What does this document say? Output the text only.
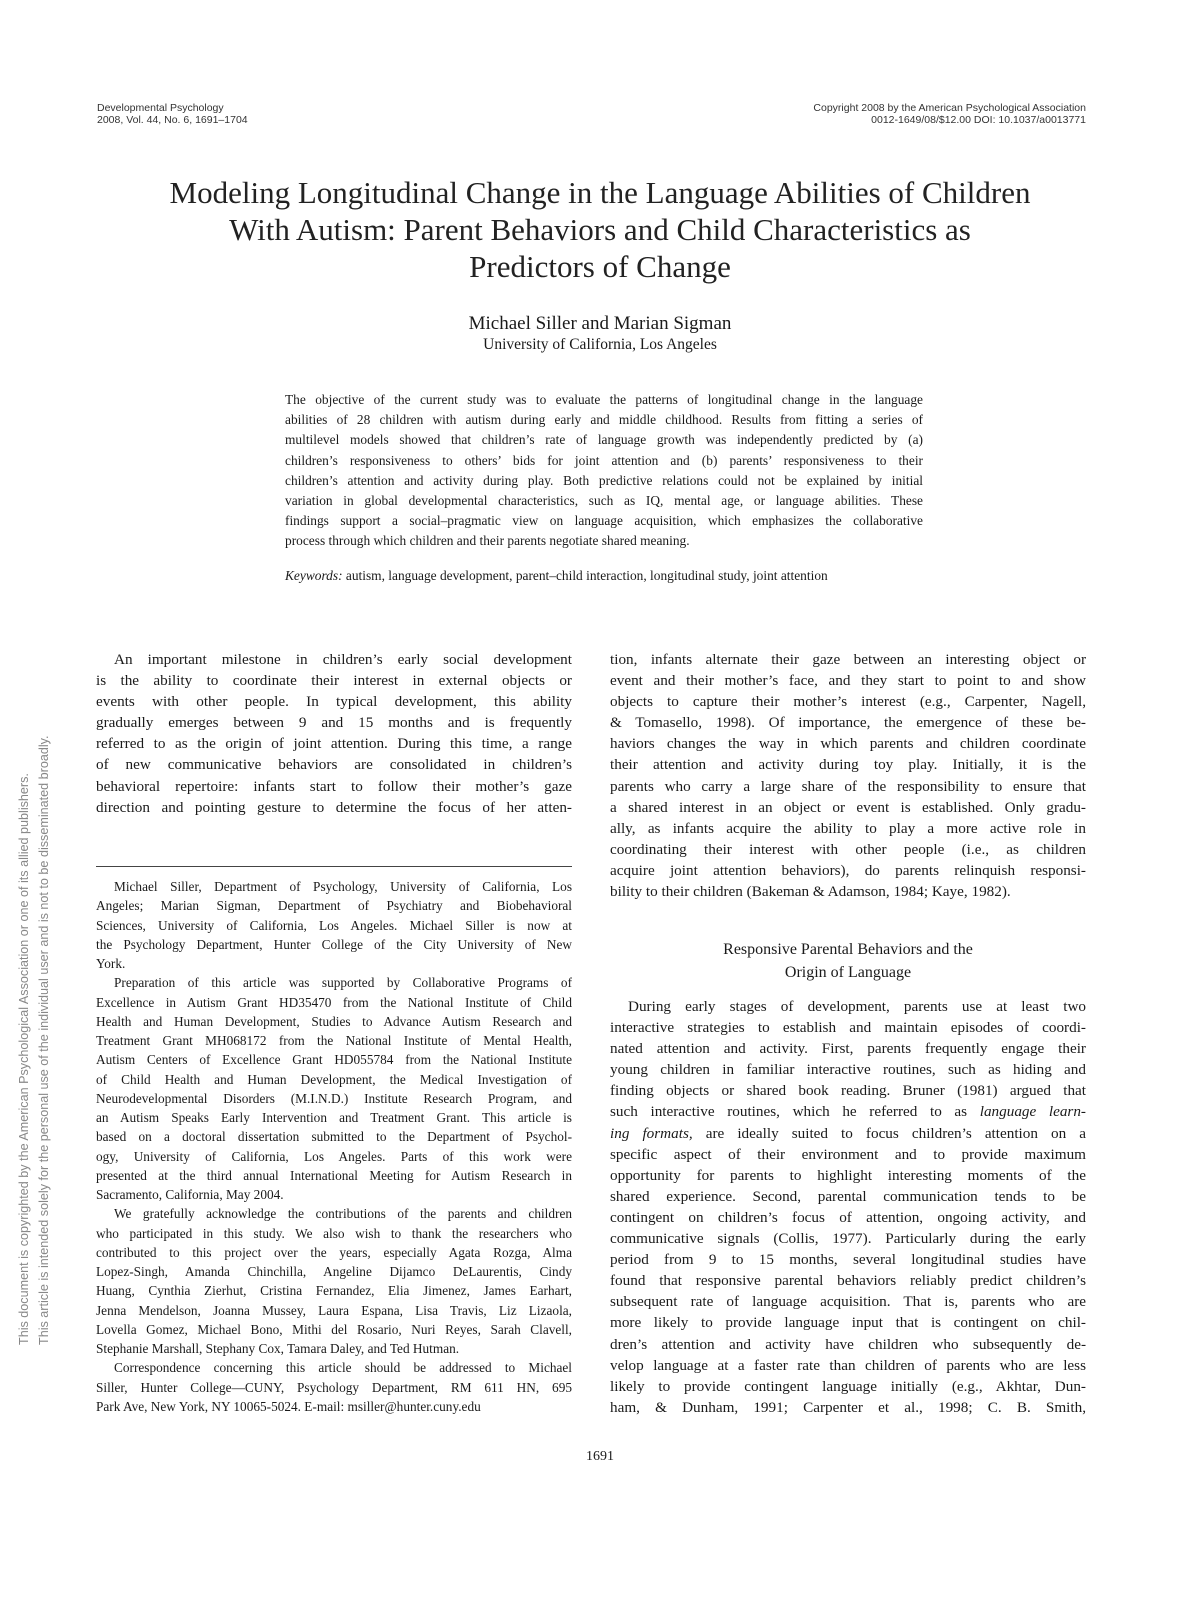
Developmental Psychology
2008, Vol. 44, No. 6, 1691–1704
Copyright 2008 by the American Psychological Association
0012-1649/08/$12.00 DOI: 10.1037/a0013771
Modeling Longitudinal Change in the Language Abilities of Children
With Autism: Parent Behaviors and Child Characteristics as
Predictors of Change
Michael Siller and Marian Sigman
University of California, Los Angeles
The objective of the current study was to evaluate the patterns of longitudinal change in the language
abilities of 28 children with autism during early and middle childhood. Results from fitting a series of
multilevel models showed that children’s rate of language growth was independently predicted by (a)
children’s responsiveness to others’ bids for joint attention and (b) parents’ responsiveness to their
children’s attention and activity during play. Both predictive relations could not be explained by initial
variation in global developmental characteristics, such as IQ, mental age, or language abilities. These
findings support a social–pragmatic view on language acquisition, which emphasizes the collaborative
process through which children and their parents negotiate shared meaning.
Keywords: autism, language development, parent–child interaction, longitudinal study, joint attention
This document is copyrighted by the American Psychological Association or one of its allied publishers. This article is intended solely for the personal use of the individual user and is not to be disseminated broadly.
An important milestone in children’s early social development
is the ability to coordinate their interest in external objects or
events with other people. In typical development, this ability
gradually emerges between 9 and 15 months and is frequently
referred to as the origin of joint attention. During this time, a range
of new communicative behaviors are consolidated in children’s
behavioral repertoire: infants start to follow their mother’s gaze
direction and pointing gesture to determine the focus of her atten-
Michael Siller, Department of Psychology, University of California, Los
Angeles; Marian Sigman, Department of Psychiatry and Biobehavioral
Sciences, University of California, Los Angeles. Michael Siller is now at
the Psychology Department, Hunter College of the City University of New
York.
Preparation of this article was supported by Collaborative Programs of
Excellence in Autism Grant HD35470 from the National Institute of Child
Health and Human Development, Studies to Advance Autism Research and
Treatment Grant MH068172 from the National Institute of Mental Health,
Autism Centers of Excellence Grant HD055784 from the National Institute
of Child Health and Human Development, the Medical Investigation of
Neurodevelopmental Disorders (M.I.N.D.) Institute Research Program, and
an Autism Speaks Early Intervention and Treatment Grant. This article is
based on a doctoral dissertation submitted to the Department of Psychol-
ogy, University of California, Los Angeles. Parts of this work were
presented at the third annual International Meeting for Autism Research in
Sacramento, California, May 2004.
We gratefully acknowledge the contributions of the parents and children
who participated in this study. We also wish to thank the researchers who
contributed to this project over the years, especially Agata Rozga, Alma
Lopez-Singh, Amanda Chinchilla, Angeline Dijamco DeLaurentis, Cindy
Huang, Cynthia Zierhut, Cristina Fernandez, Elia Jimenez, James Earhart,
Jenna Mendelson, Joanna Mussey, Laura Espana, Lisa Travis, Liz Lizaola,
Lovella Gomez, Michael Bono, Mithi del Rosario, Nuri Reyes, Sarah Clavell,
Stephanie Marshall, Stephany Cox, Tamara Daley, and Ted Hutman.
Correspondence concerning this article should be addressed to Michael
Siller, Hunter College—CUNY, Psychology Department, RM 611 HN, 695
Park Ave, New York, NY 10065-5024. E-mail: msiller@hunter.cuny.edu
tion, infants alternate their gaze between an interesting object or
event and their mother’s face, and they start to point to and show
objects to capture their mother’s interest (e.g., Carpenter, Nagell,
& Tomasello, 1998). Of importance, the emergence of these be-
haviors changes the way in which parents and children coordinate
their attention and activity during toy play. Initially, it is the
parents who carry a large share of the responsibility to ensure that
a shared interest in an object or event is established. Only gradu-
ally, as infants acquire the ability to play a more active role in
coordinating their interest with other people (i.e., as children
acquire joint attention behaviors), do parents relinquish responsi-
bility to their children (Bakeman & Adamson, 1984; Kaye, 1982).
Responsive Parental Behaviors and the
Origin of Language
During early stages of development, parents use at least two
interactive strategies to establish and maintain episodes of coordi-
nated attention and activity. First, parents frequently engage their
young children in familiar interactive routines, such as hiding and
finding objects or shared book reading. Bruner (1981) argued that
such interactive routines, which he referred to as language learn-
ing formats, are ideally suited to focus children’s attention on a
specific aspect of their environment and to provide maximum
opportunity for parents to highlight interesting moments of the
shared experience. Second, parental communication tends to be
contingent on children’s focus of attention, ongoing activity, and
communicative signals (Collis, 1977). Particularly during the early
period from 9 to 15 months, several longitudinal studies have
found that responsive parental behaviors reliably predict children’s
subsequent rate of language acquisition. That is, parents who are
more likely to provide language input that is contingent on chil-
dren’s attention and activity have children who subsequently de-
velop language at a faster rate than children of parents who are less
likely to provide contingent language initially (e.g., Akhtar, Dun-
ham, & Dunham, 1991; Carpenter et al., 1998; C. B. Smith,
1691
